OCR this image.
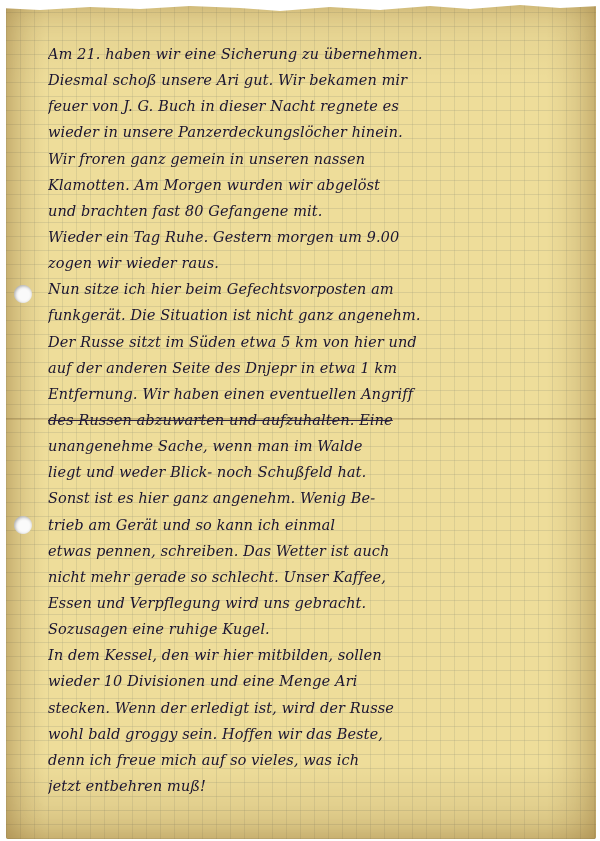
Am 21. haben wir eine Sicherung zu übernehmen.
Diesmal schoß unsere Ari gut. Wir bekamen mir
feuer von J. G. Buch in dieser Nacht regnete es
wieder in unsere Panzerdeckungslöcher hinein.
Wir froren ganz gemein in unseren nassen
Klamotten. Am Morgen wurden wir abgelöst
und brachten fast 80 Gefangene mit.
Wieder ein Tag Ruhe. Gestern morgen um 9.00
zogen wir wieder raus.
Nun sitze ich hier beim Gefechtsvorposten am
funkgerät. Die Situation ist nicht ganz angenehm.
Der Russe sitzt im Süden etwa 5 km von hier und
auf der anderen Seite des Dnjepr in etwa 1 km
Entfernung. Wir haben einen eventuellen Angriff
des Russen abzuwarten und aufzuhalten. Eine
unangenehme Sache, wenn man im Walde
liegt und weder Blick- noch Schußfeld hat.
Sonst ist es hier ganz angenehm. Wenig Be-
trieb am Gerät und so kann ich einmal
etwas pennen, schreiben. Das Wetter ist auch
nicht mehr gerade so schlecht. Unser Kaffee,
Essen und Verpflegung wird uns gebracht.
Sozusagen eine ruhige Kugel.
In dem Kessel, den wir hier mitbilden, sollen
wieder 10 Divisionen und eine Menge Ari
stecken. Wenn der erledigt ist, wird der Russe
wohl bald groggy sein. Hoffen wir das Beste,
denn ich freue mich auf so vieles, was ich
jetzt entbehren muß!
